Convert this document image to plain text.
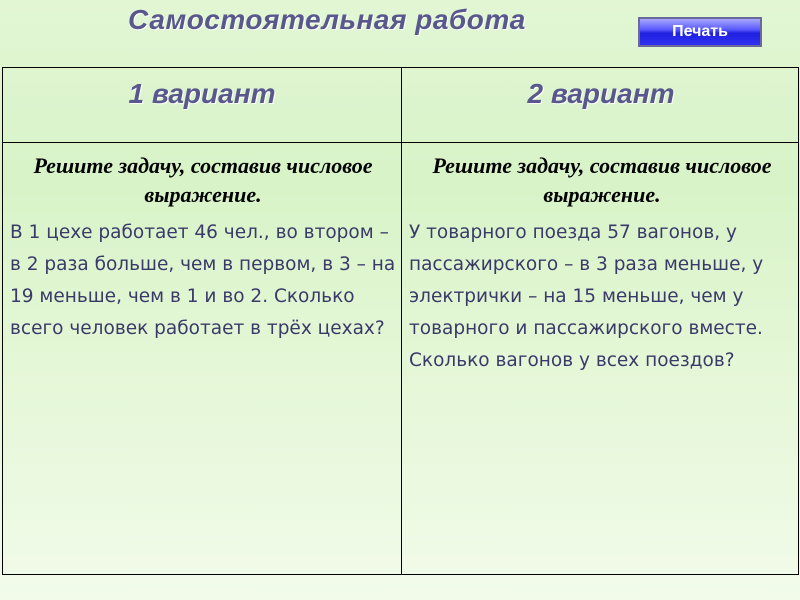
Самостоятельная работа	Печать
1 вариант	2 вариант
Решите задачу, составив числовое выражение.
В 1 цехе работает 46 чел., во втором – в 2 раза больше, чем в первом, в 3 – на 19 меньше, чем в 1 и во 2. Сколько всего человек работает в трёх цехах?
Решите задачу, составив числовое выражение.
У товарного поезда 57 вагонов, у пассажирского – в 3 раза меньше, у электрички – на 15 меньше, чем у товарного и пассажирского вместе. Сколько вагонов у всех поездов?
